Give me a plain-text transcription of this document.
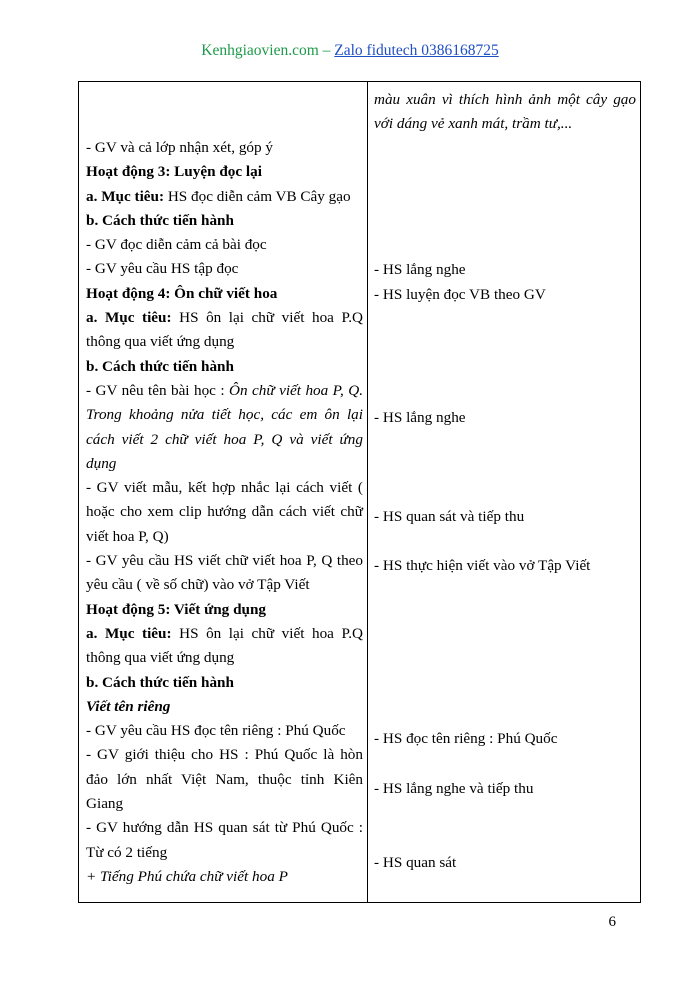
Kenhgiaovien.com – Zalo fidutech 0386168725

- GV và cả lớp nhận xét, góp ý

Hoạt động 3: Luyện đọc lại

a. Mục tiêu: HS đọc diễn cảm VB Cây gạo

b. Cách thức tiến hành

- GV đọc diễn cảm cả bài đọc

- GV yêu cầu HS tập đọc

Hoạt động 4: Ôn chữ viết hoa

a. Mục tiêu: HS ôn lại chữ viết hoa P.Q thông qua viết ứng dụng

b. Cách thức tiến hành

- GV nêu tên bài học : Ôn chữ viết hoa P, Q. Trong khoảng nửa tiết học, các em ôn lại cách viết 2 chữ viết hoa P, Q và viết ứng dụng

- GV viết mẫu, kết hợp nhắc lại cách viết ( hoặc cho xem clip hướng dẫn cách viết chữ viết hoa P, Q)

- GV yêu cầu HS viết chữ viết hoa P, Q theo yêu cầu ( về số chữ) vào vở Tập Viết

Hoạt động 5: Viết ứng dụng

a. Mục tiêu: HS ôn lại chữ viết hoa P.Q thông qua viết ứng dụng

b. Cách thức tiến hành

Viết tên riêng

- GV yêu cầu HS đọc tên riêng : Phú Quốc

- GV giới thiệu cho HS : Phú Quốc là hòn đảo lớn nhất Việt Nam, thuộc tỉnh Kiên Giang

- GV hướng dẫn HS quan sát từ Phú Quốc : Từ có 2 tiếng

+ Tiếng Phú chứa chữ viết hoa P

màu xuân vì thích hình ảnh một cây gạo với dáng vẻ xanh mát, trầm tư,...

- HS lắng nghe

- HS luyện đọc VB theo GV

- HS lắng nghe

- HS quan sát và tiếp thu

- HS thực hiện viết vào vở Tập Viết

- HS đọc tên riêng : Phú Quốc

- HS lắng nghe và tiếp thu

- HS quan sát

6
